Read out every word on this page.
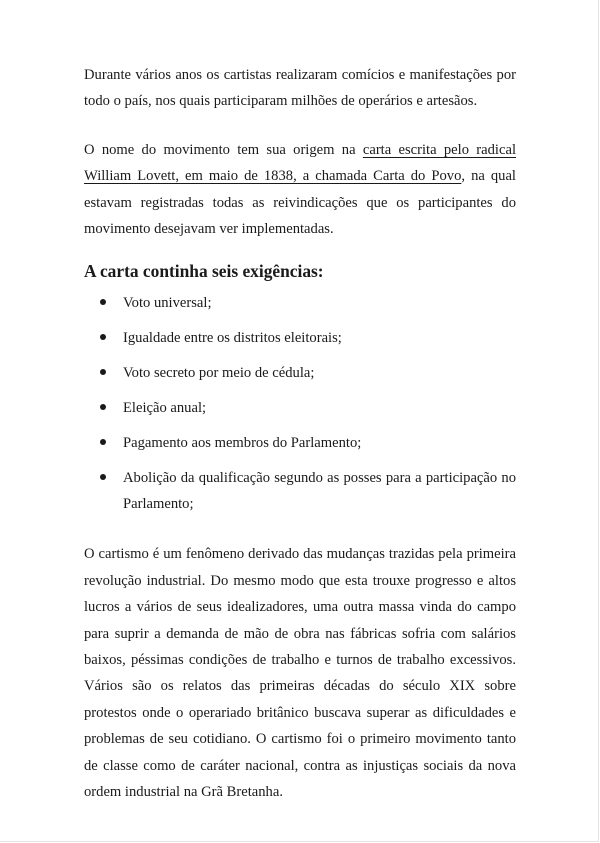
Durante vários anos os cartistas realizaram comícios e manifestações por todo o país, nos quais participaram milhões de operários e artesãos.

O nome do movimento tem sua origem na carta escrita pelo radical William Lovett, em maio de 1838, a chamada Carta do Povo, na qual estavam registradas todas as reivindicações que os participantes do movimento desejavam ver implementadas.

A carta continha seis exigências:
Voto universal;
Igualdade entre os distritos eleitorais;
Voto secreto por meio de cédula;
Eleição anual;
Pagamento aos membros do Parlamento;
Abolição da qualificação segundo as posses para a participação no Parlamento;

O cartismo é um fenômeno derivado das mudanças trazidas pela primeira revolução industrial. Do mesmo modo que esta trouxe progresso e altos lucros a vários de seus idealizadores, uma outra massa vinda do campo para suprir a demanda de mão de obra nas fábricas sofria com salários baixos, péssimas condições de trabalho e turnos de trabalho excessivos. Vários são os relatos das primeiras décadas do século XIX sobre protestos onde o operariado britânico buscava superar as dificuldades e problemas de seu cotidiano. O cartismo foi o primeiro movimento tanto de classe como de caráter nacional, contra as injustiças sociais da nova ordem industrial na Grã Bretanha.
